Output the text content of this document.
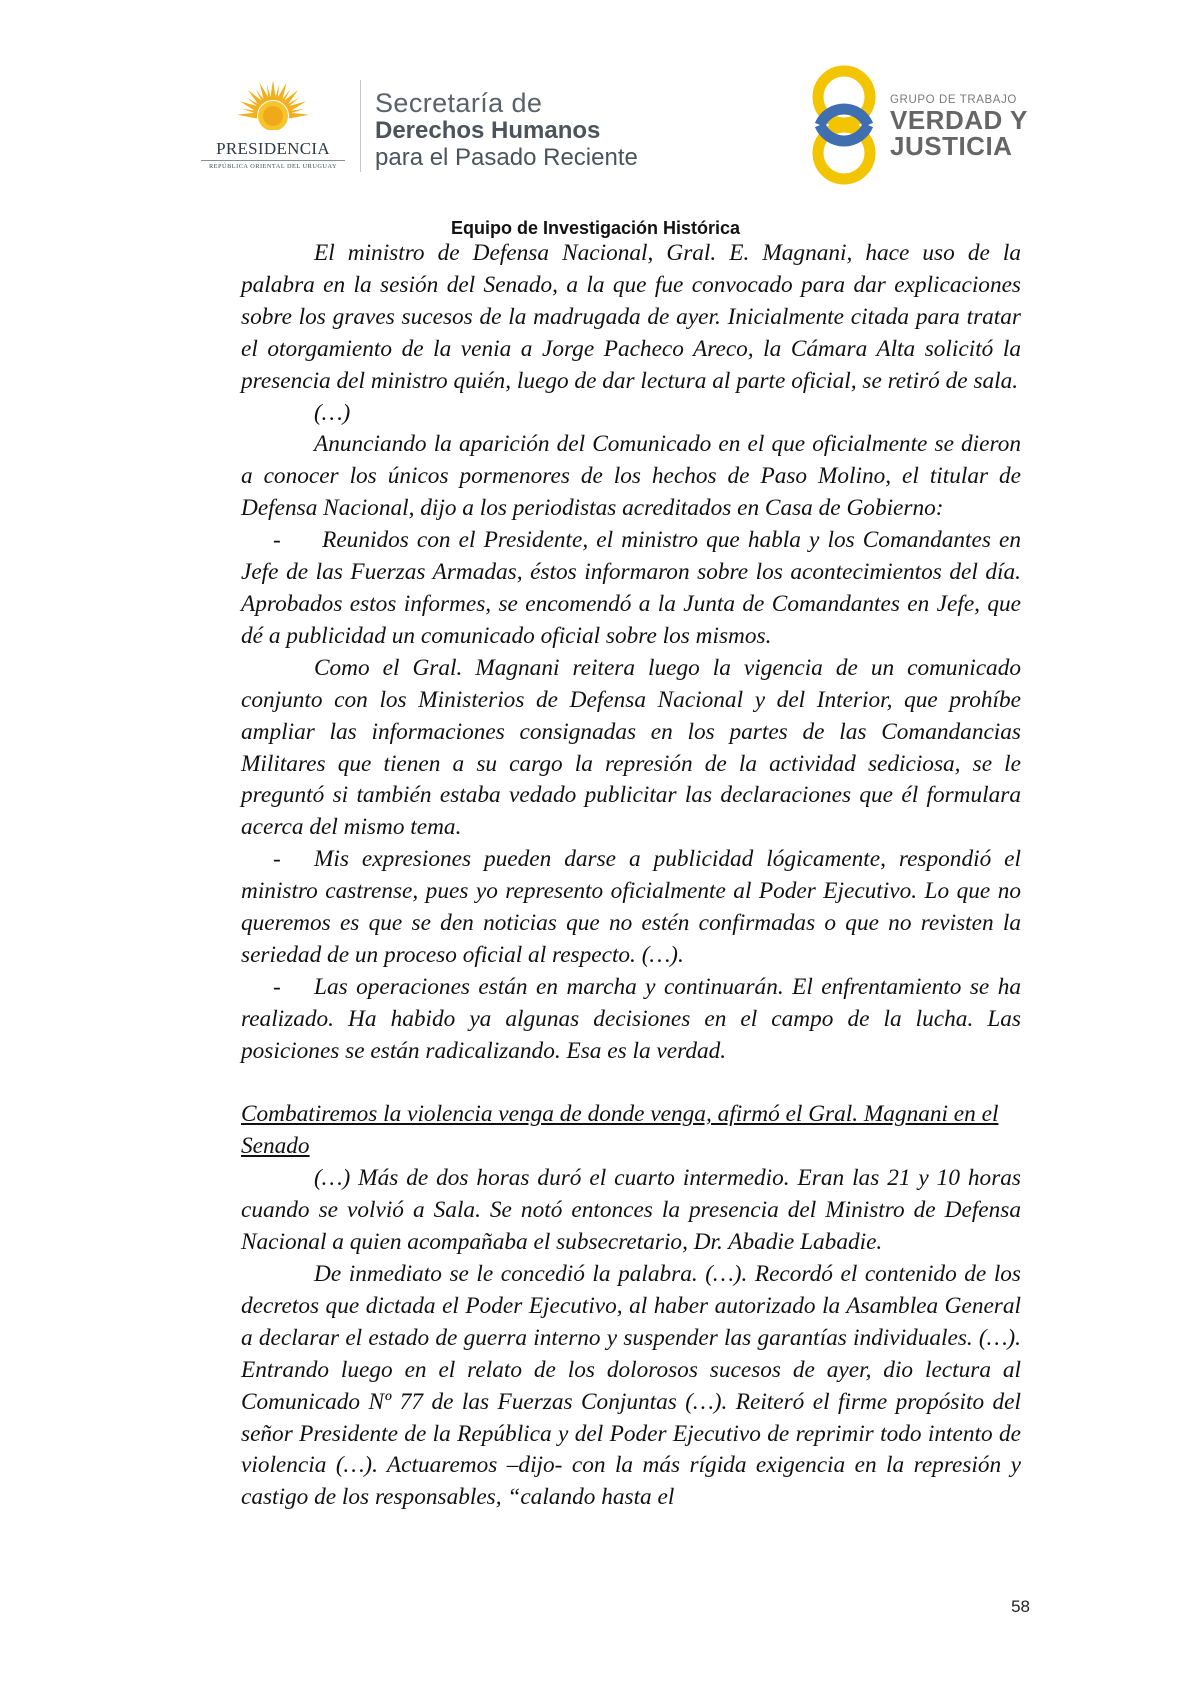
PRESIDENCIA
REPÚBLICA ORIENTAL DEL URUGUAY
Secretaría de
Derechos Humanos
para el Pasado Reciente
GRUPO DE TRABAJO
VERDAD Y
JUSTICIA
Equipo de Investigación Histórica

El ministro de Defensa Nacional, Gral. E. Magnani, hace uso de la palabra en la sesión del Senado, a la que fue convocado para dar explicaciones sobre los graves sucesos de la madrugada de ayer. Inicialmente citada para tratar el otorgamiento de la venia a Jorge Pacheco Areco, la Cámara Alta solicitó la presencia del ministro quién, luego de dar lectura al parte oficial, se retiró de sala.

(…)

Anunciando la aparición del Comunicado en el que oficialmente se dieron a conocer los únicos pormenores de los hechos de Paso Molino, el titular de Defensa Nacional, dijo a los periodistas acreditados en Casa de Gobierno:

- Reunidos con el Presidente, el ministro que habla y los Comandantes en Jefe de las Fuerzas Armadas, éstos informaron sobre los acontecimientos del día. Aprobados estos informes, se encomendó a la Junta de Comandantes en Jefe, que dé a publicidad un comunicado oficial sobre los mismos.

Como el Gral. Magnani reitera luego la vigencia de un comunicado conjunto con los Ministerios de Defensa Nacional y del Interior, que prohíbe ampliar las informaciones consignadas en los partes de las Comandancias Militares que tienen a su cargo la represión de la actividad sediciosa, se le preguntó si también estaba vedado publicitar las declaraciones que él formulara acerca del mismo tema.

- Mis expresiones pueden darse a publicidad lógicamente, respondió el ministro castrense, pues yo represento oficialmente al Poder Ejecutivo. Lo que no queremos es que se den noticias que no estén confirmadas o que no revisten la seriedad de un proceso oficial al respecto. (…).

- Las operaciones están en marcha y continuarán. El enfrentamiento se ha realizado. Ha habido ya algunas decisiones en el campo de la lucha. Las posiciones se están radicalizando. Esa es la verdad.

Combatiremos la violencia venga de donde venga, afirmó el Gral. Magnani en el Senado

(…) Más de dos horas duró el cuarto intermedio. Eran las 21 y 10 horas cuando se volvió a Sala. Se notó entonces la presencia del Ministro de Defensa Nacional a quien acompañaba el subsecretario, Dr. Abadie Labadie.

De inmediato se le concedió la palabra. (…). Recordó el contenido de los decretos que dictada el Poder Ejecutivo, al haber autorizado la Asamblea General a declarar el estado de guerra interno y suspender las garantías individuales. (…). Entrando luego en el relato de los dolorosos sucesos de ayer, dio lectura al Comunicado Nº 77 de las Fuerzas Conjuntas (…). Reiteró el firme propósito del señor Presidente de la República y del Poder Ejecutivo de reprimir todo intento de violencia (…). Actuaremos –dijo- con la más rígida exigencia en la represión y castigo de los responsables, “calando hasta el

58
